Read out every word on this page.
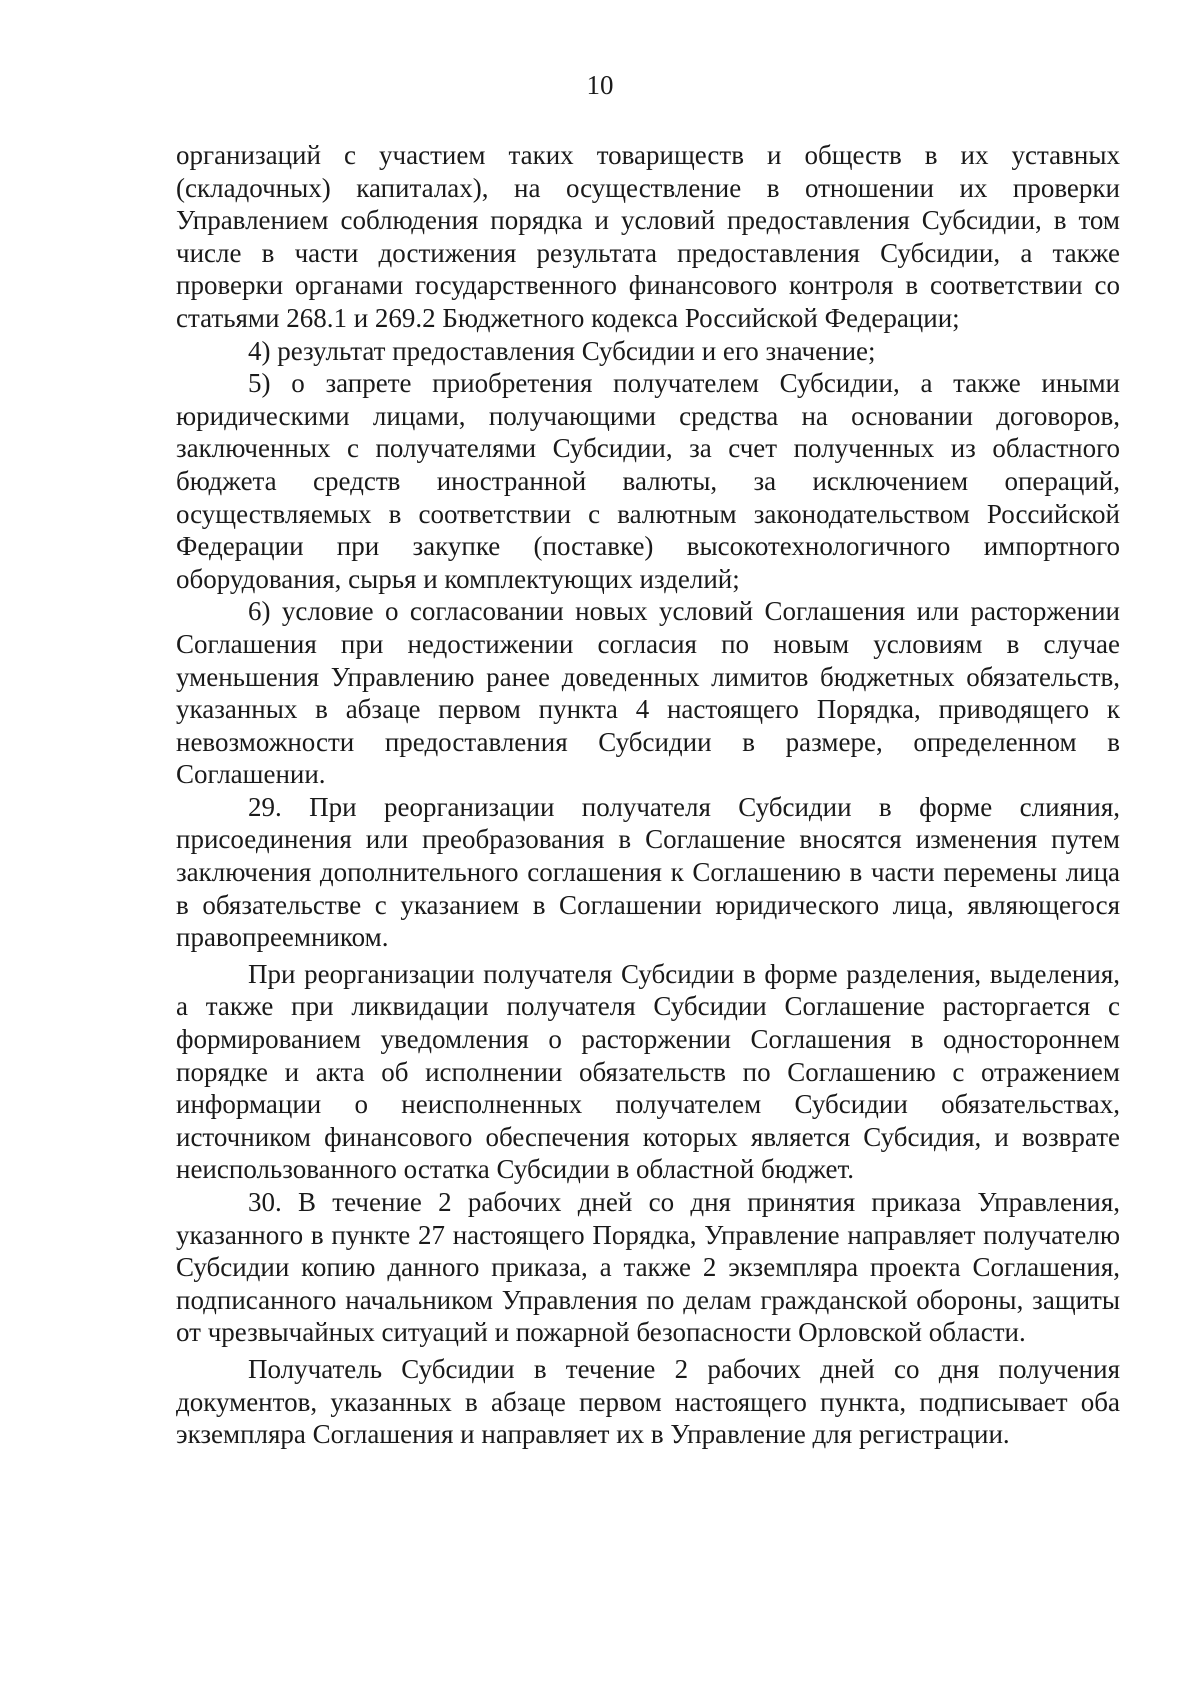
10

организаций с участием таких товариществ и обществ в их уставных (складочных) капиталах), на осуществление в отношении их проверки Управлением соблюдения порядка и условий предоставления Субсидии, в том числе в части достижения результата предоставления Субсидии, а также проверки органами государственного финансового контроля в соответствии со статьями 268.1 и 269.2 Бюджетного кодекса Российской Федерации;

4) результат предоставления Субсидии и его значение;

5) о запрете приобретения получателем Субсидии, а также иными юридическими лицами, получающими средства на основании договоров, заключенных с получателями Субсидии, за счет полученных из областного бюджета средств иностранной валюты, за исключением операций, осуществляемых в соответствии с валютным законодательством Российской Федерации при закупке (поставке) высокотехнологичного импортного оборудования, сырья и комплектующих изделий;

6) условие о согласовании новых условий Соглашения или расторжении Соглашения при недостижении согласия по новым условиям в случае уменьшения Управлению ранее доведенных лимитов бюджетных обязательств, указанных в абзаце первом пункта 4 настоящего Порядка, приводящего к невозможности предоставления Субсидии в размере, определенном в Соглашении.

29. При реорганизации получателя Субсидии в форме слияния, присоединения или преобразования в Соглашение вносятся изменения путем заключения дополнительного соглашения к Соглашению в части перемены лица в обязательстве с указанием в Соглашении юридического лица, являющегося правопреемником.

При реорганизации получателя Субсидии в форме разделения, выделения, а также при ликвидации получателя Субсидии Соглашение расторгается с формированием уведомления о расторжении Соглашения в одностороннем порядке и акта об исполнении обязательств по Соглашению с отражением информации о неисполненных получателем Субсидии обязательствах, источником финансового обеспечения которых является Субсидия, и возврате неиспользованного остатка Субсидии в областной бюджет.

30. В течение 2 рабочих дней со дня принятия приказа Управления, указанного в пункте 27 настоящего Порядка, Управление направляет получателю Субсидии копию данного приказа, а также 2 экземпляра проекта Соглашения, подписанного начальником Управления по делам гражданской обороны, защиты от чрезвычайных ситуаций и пожарной безопасности Орловской области.

Получатель Субсидии в течение 2 рабочих дней со дня получения документов, указанных в абзаце первом настоящего пункта, подписывает оба экземпляра Соглашения и направляет их в Управление для регистрации.
